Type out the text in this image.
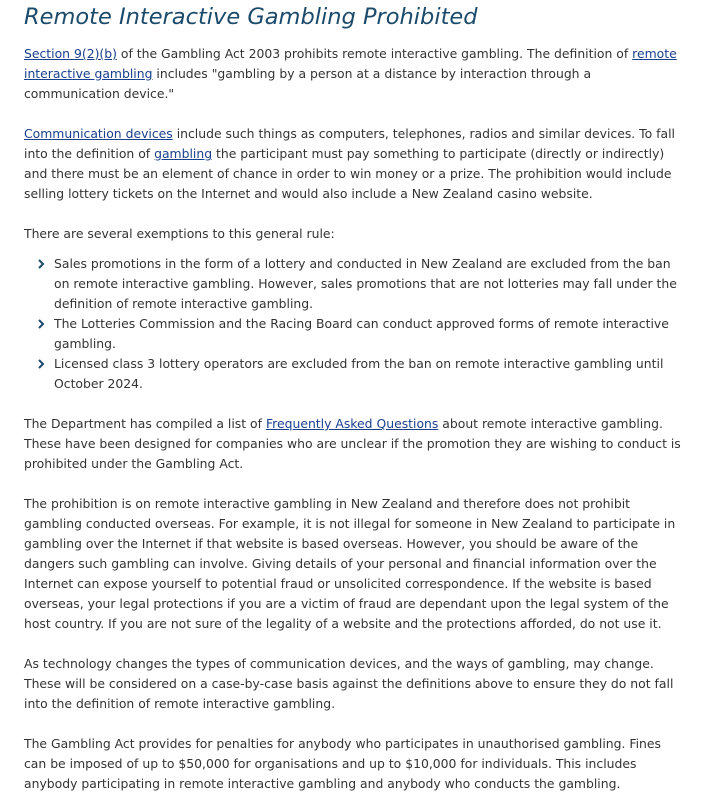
Remote Interactive Gambling Prohibited

Section 9(2)(b) of the Gambling Act 2003 prohibits remote interactive gambling. The definition of remote interactive gambling includes "gambling by a person at a distance by interaction through a communication device."

Communication devices include such things as computers, telephones, radios and similar devices. To fall into the definition of gambling the participant must pay something to participate (directly or indirectly) and there must be an element of chance in order to win money or a prize. The prohibition would include selling lottery tickets on the Internet and would also include a New Zealand casino website.

There are several exemptions to this general rule:

Sales promotions in the form of a lottery and conducted in New Zealand are excluded from the ban on remote interactive gambling. However, sales promotions that are not lotteries may fall under the definition of remote interactive gambling.
The Lotteries Commission and the Racing Board can conduct approved forms of remote interactive gambling.
Licensed class 3 lottery operators are excluded from the ban on remote interactive gambling until October 2024.

The Department has compiled a list of Frequently Asked Questions about remote interactive gambling. These have been designed for companies who are unclear if the promotion they are wishing to conduct is prohibited under the Gambling Act.

The prohibition is on remote interactive gambling in New Zealand and therefore does not prohibit gambling conducted overseas. For example, it is not illegal for someone in New Zealand to participate in gambling over the Internet if that website is based overseas. However, you should be aware of the dangers such gambling can involve. Giving details of your personal and financial information over the Internet can expose yourself to potential fraud or unsolicited correspondence. If the website is based overseas, your legal protections if you are a victim of fraud are dependant upon the legal system of the host country. If you are not sure of the legality of a website and the protections afforded, do not use it.

As technology changes the types of communication devices, and the ways of gambling, may change. These will be considered on a case-by-case basis against the definitions above to ensure they do not fall into the definition of remote interactive gambling.

The Gambling Act provides for penalties for anybody who participates in unauthorised gambling. Fines can be imposed of up to $50,000 for organisations and up to $10,000 for individuals. This includes anybody participating in remote interactive gambling and anybody who conducts the gambling.
